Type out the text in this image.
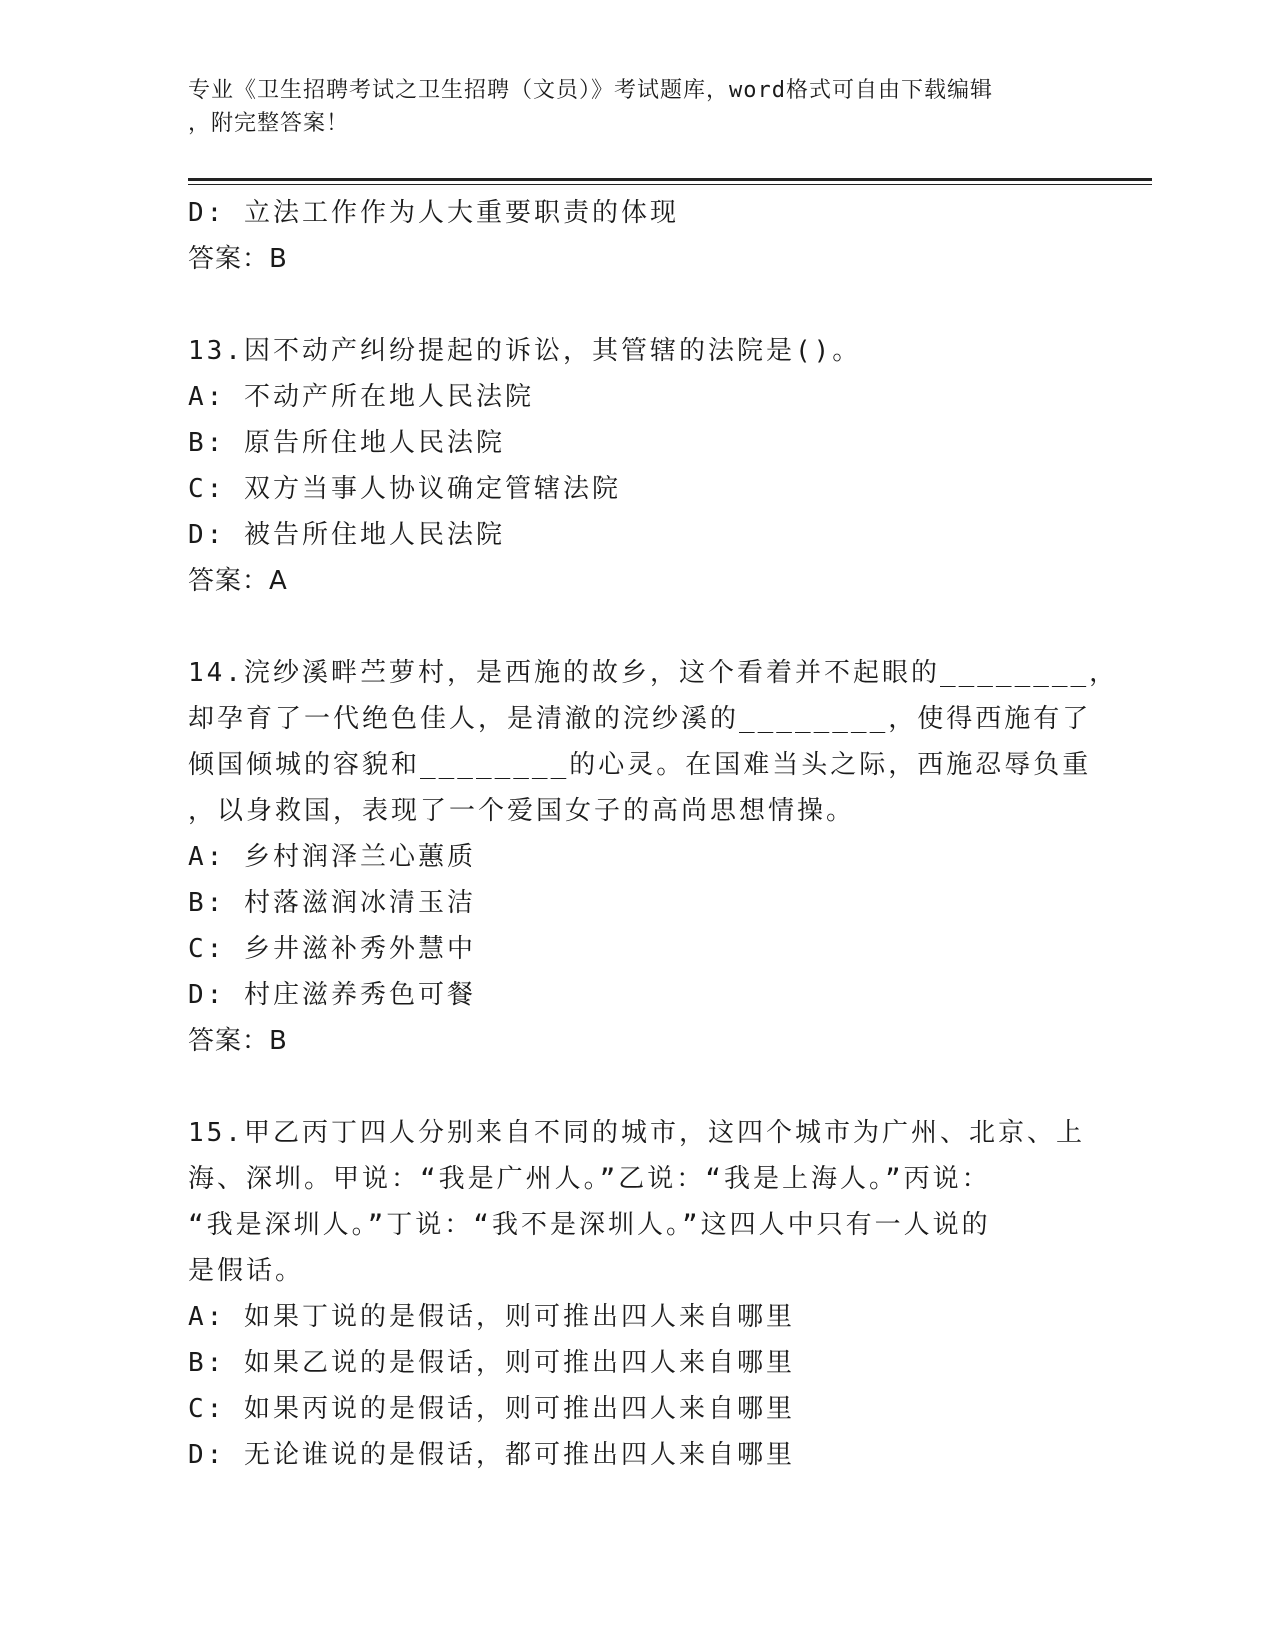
专业《卫生招聘考试之卫生招聘（文员）》考试题库，word格式可自由下载编辑
，附完整答案！
D: 立法工作作为人大重要职责的体现
答案：B
13.因不动产纠纷提起的诉讼，其管辖的法院是()。
A: 不动产所在地人民法院
B: 原告所住地人民法院
C: 双方当事人协议确定管辖法院
D: 被告所住地人民法院
答案：A
14.浣纱溪畔苎萝村，是西施的故乡，这个看着并不起眼的________，
却孕育了一代绝色佳人，是清澈的浣纱溪的________，使得西施有了
倾国倾城的容貌和________的心灵。在国难当头之际，西施忍辱负重
，以身救国，表现了一个爱国女子的高尚思想情操。
A: 乡村润泽兰心蕙质
B: 村落滋润冰清玉洁
C: 乡井滋补秀外慧中
D: 村庄滋养秀色可餐
答案：B
15.甲乙丙丁四人分别来自不同的城市，这四个城市为广州、北京、上
海、深圳。甲说：“我是广州人。”乙说：“我是上海人。”丙说：
“我是深圳人。”丁说：“我不是深圳人。”这四人中只有一人说的
是假话。
A: 如果丁说的是假话，则可推出四人来自哪里
B: 如果乙说的是假话，则可推出四人来自哪里
C: 如果丙说的是假话，则可推出四人来自哪里
D: 无论谁说的是假话，都可推出四人来自哪里
